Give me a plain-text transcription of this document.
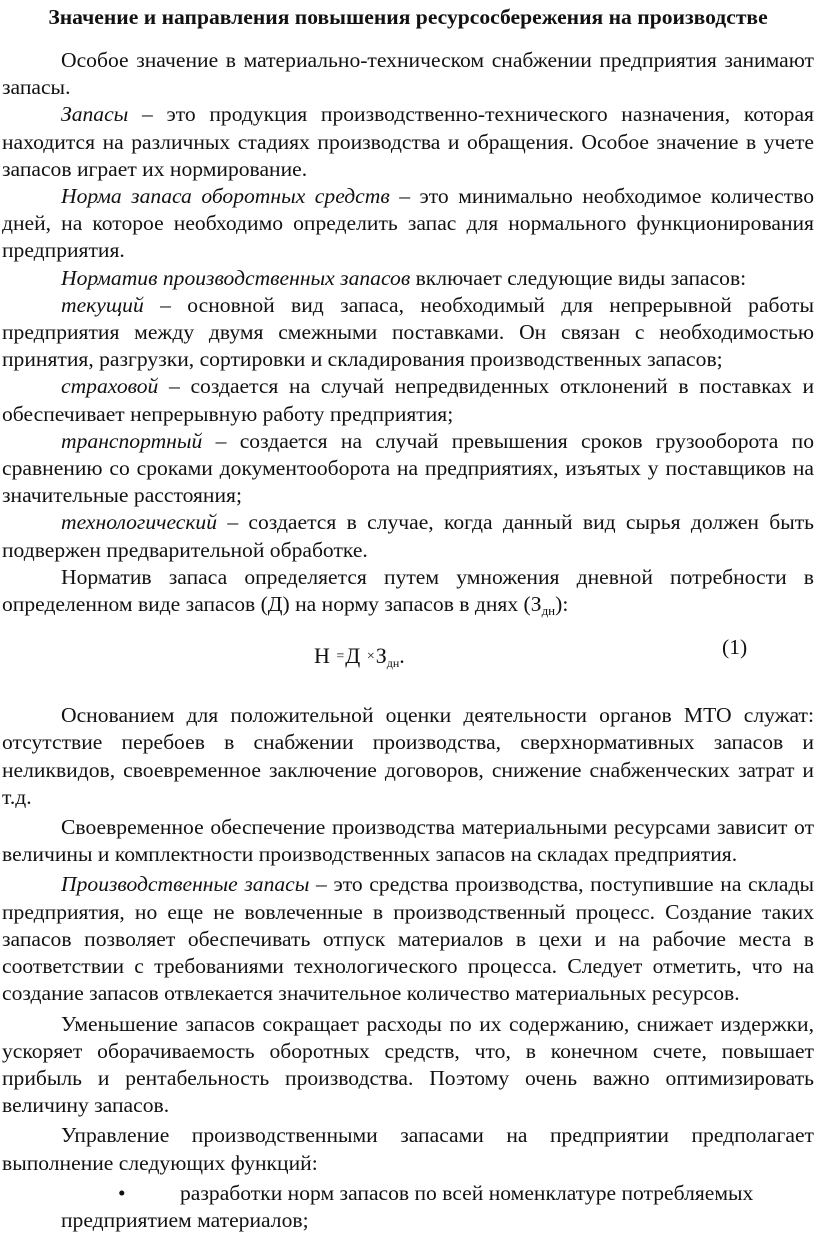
Значение и направления повышения ресурсосбережения на производстве

Особое значение в материально-техническом снабжении предприятия занимают запасы.

Запасы – это продукция производственно-технического назначения, которая находится на различных стадиях производства и обращения. Особое значение в учете запасов играет их нормирование.

Норма запаса оборотных средств – это минимально необходимое количество дней, на которое необходимо определить запас для нормального функционирования предприятия.

Норматив производственных запасов включает следующие виды запасов:

текущий – основной вид запаса, необходимый для непрерывной работы предприятия между двумя смежными поставками. Он связан с необходимостью принятия, разгрузки, сортировки и складирования производственных запасов;

страховой – создается на случай непредвиденных отклонений в поставках и обеспечивает непрерывную работу предприятия;

транспортный – создается на случай превышения сроков грузооборота по сравнению со сроками документооборота на предприятиях, изъятых у поставщиков на значительные расстояния;

технологический – создается в случае, когда данный вид сырья должен быть подвержен предварительной обработке.

Норматив запаса определяется путем умножения дневной потребности в определенном виде запасов (Д) на норму запасов в днях $(З_{дн})$:

$Н =Д \times З_{дн}$.	(1)

Основанием для положительной оценки деятельности органов МТО служат: отсутствие перебоев в снабжении производства, сверхнормативных запасов и неликвидов, своевременное заключение договоров, снижение снабженческих затрат и т.д.

Своевременное обеспечение производства материальными ресурсами зависит от величины и комплектности производственных запасов на складах предприятия.

Производственные запасы – это средства производства, поступившие на склады предприятия, но еще не вовлеченные в производственный процесс. Создание таких запасов позволяет обеспечивать отпуск материалов в цехи и на рабочие места в соответствии с требованиями технологического процесса. Следует отметить, что на создание запасов отвлекается значительное количество материальных ресурсов.

Уменьшение запасов сокращает расходы по их содержанию, снижает издержки, ускоряет оборачиваемость оборотных средств, что, в конечном счете, повышает прибыль и рентабельность производства. Поэтому очень важно оптимизировать величину запасов.

Управление производственными запасами на предприятии предполагает выполнение следующих функций:

•	разработки норм запасов по всей номенклатуре потребляемых
предприятием материалов;
